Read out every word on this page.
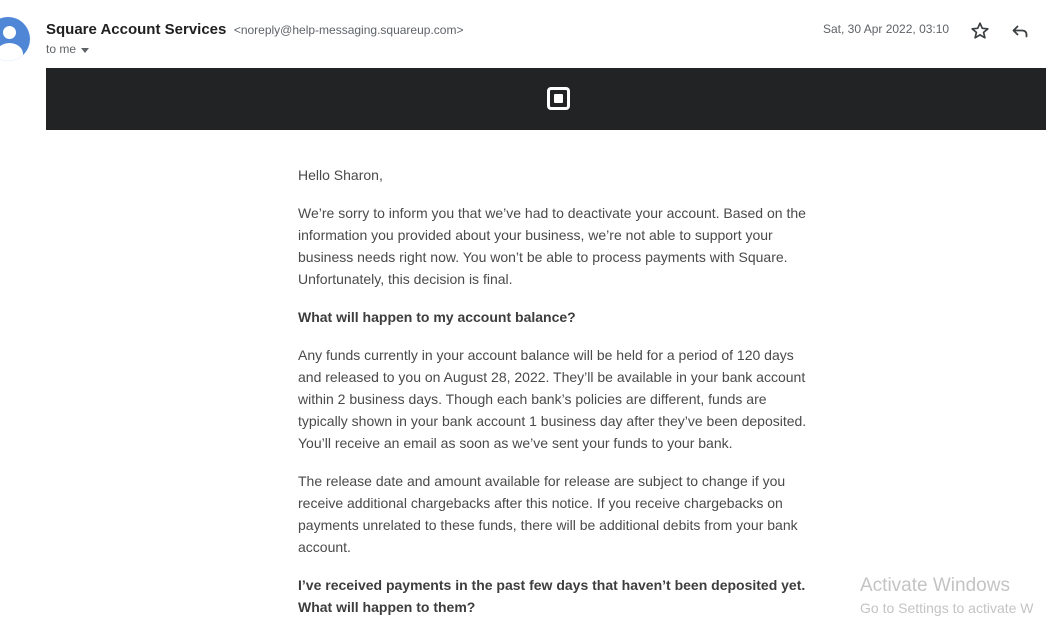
Square Account Services <noreply@help-messaging.squareup.com>
to me
Sat, 30 Apr 2022, 03:10

Hello Sharon,

We’re sorry to inform you that we’ve had to deactivate your account. Based on the information you provided about your business, we’re not able to support your business needs right now. You won’t be able to process payments with Square. Unfortunately, this decision is final.

What will happen to my account balance?

Any funds currently in your account balance will be held for a period of 120 days and released to you on August 28, 2022. They’ll be available in your bank account within 2 business days. Though each bank’s policies are different, funds are typically shown in your bank account 1 business day after they’ve been deposited. You’ll receive an email as soon as we’ve sent your funds to your bank.

The release date and amount available for release are subject to change if you receive additional chargebacks after this notice. If you receive chargebacks on payments unrelated to these funds, there will be additional debits from your bank account.

I’ve received payments in the past few days that haven’t been deposited yet. What will happen to them?

Activate Windows
Go to Settings to activate W
